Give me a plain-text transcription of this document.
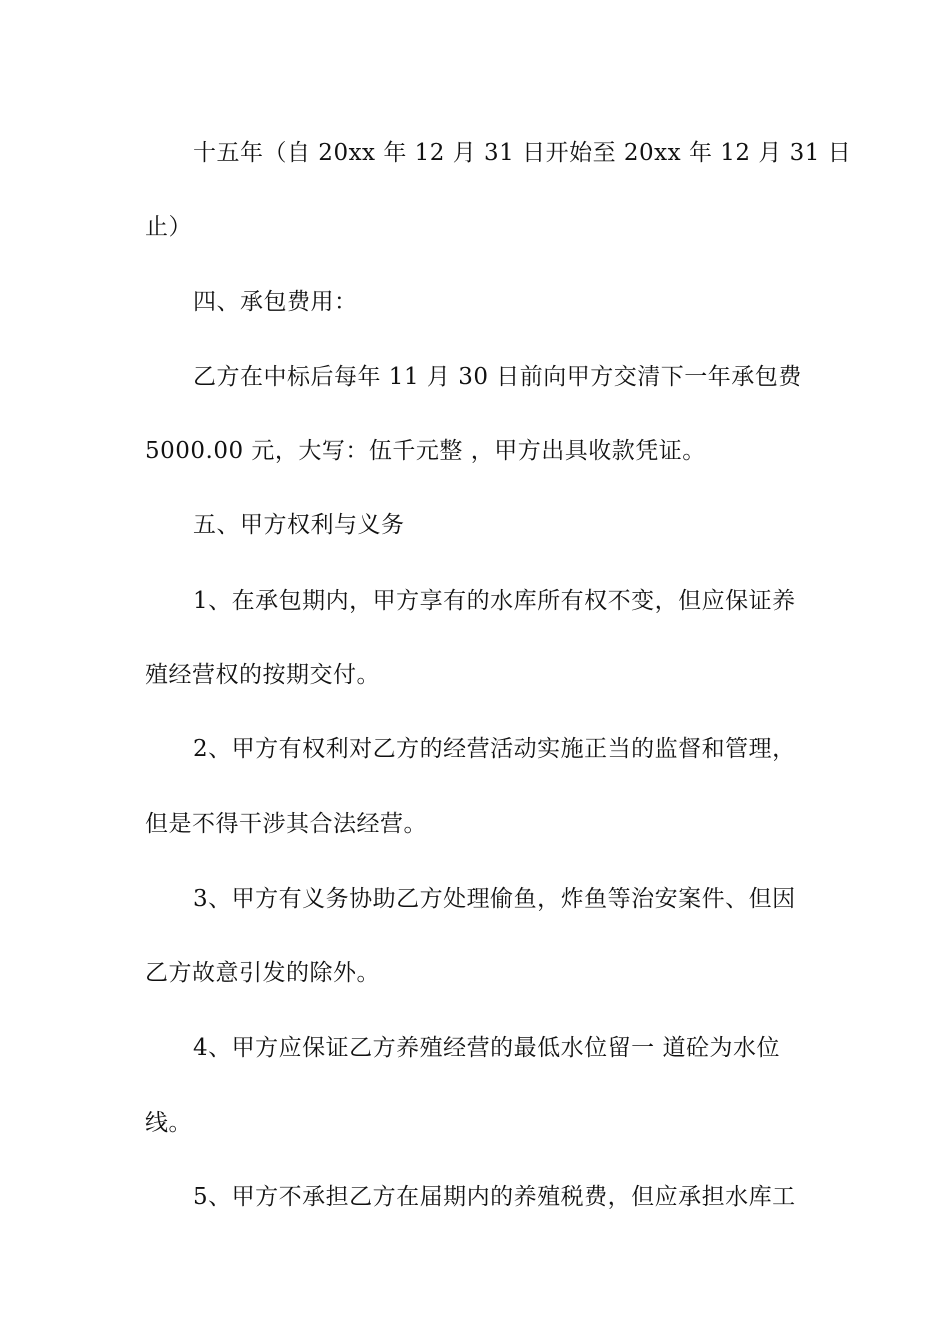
十五年（自 20xx 年 12 月 31 日开始至 20xx 年 12 月 31 日
止）
四、承包费用：
乙方在中标后每年 11 月 30 日前向甲方交清下一年承包费
5000.00 元，大写：伍千元整 ，甲方出具收款凭证。
五、甲方权利与义务
1、在承包期内，甲方享有的水库所有权不变，但应保证养
殖经营权的按期交付。
2、甲方有权利对乙方的经营活动实施正当的监督和管理，
但是不得干涉其合法经营。
3、甲方有义务协助乙方处理偷鱼，炸鱼等治安案件、但因
乙方故意引发的除外。
4、甲方应保证乙方养殖经营的最低水位留一 道砼为水位
线。
5、甲方不承担乙方在届期内的养殖税费，但应承担水库工
